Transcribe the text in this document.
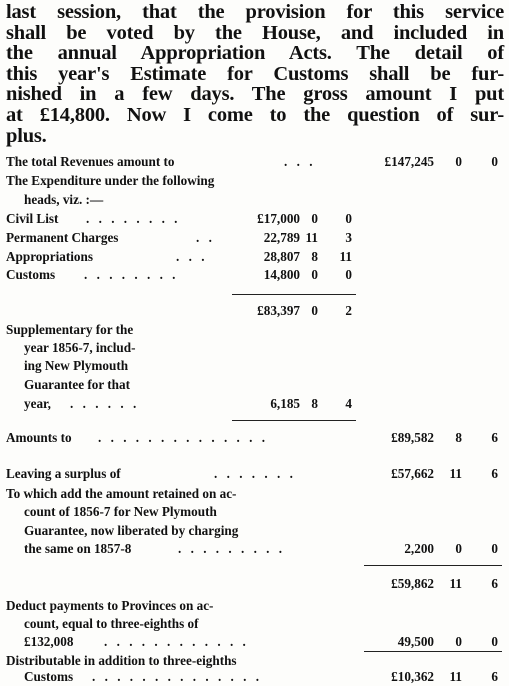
last session, that the provision for this service
shall be voted by the House, and included in
the annual Appropriation Acts. The detail of
this year's Estimate for Customs shall be fur-
nished in a few days. The gross amount I put
at £14,800. Now I come to the question of sur-
plus.
The total Revenues amount to	. . .	£147,245	0	0
The Expenditure under the following
heads, viz. :—
Civil List . . . . . . . .	£17,000 0	0
Permanent Charges	. .	22,789 11	3
Appropriations	. . .	28,807 8 11
Customs . . . . . . . .	14,800 0	0
£83,397 0	2
Supplementary for the
year 1856-7, includ-
ing New Plymouth
Guarantee for that
year, . . . . . .	6,185 8	4
Amounts to . . . . . . . . . . . . . .	£89,582	8	6
Leaving a surplus of	. . . . . . .	£57,662 11	6
To which add the amount retained on ac-
count of 1856-7 for New Plymouth
Guarantee, now liberated by charging
the same on 1857-8	. . . . . . . . .	2,200	0	0
£59,862 11	6
Deduct payments to Provinces on ac-
count, equal to three-eighths of
£132,008 . . . . . . . . . . . .	49,500	0	0
Distributable in addition to three-eighths
Customs . . . . . . . . . . . . . .	£10,362 11	6
